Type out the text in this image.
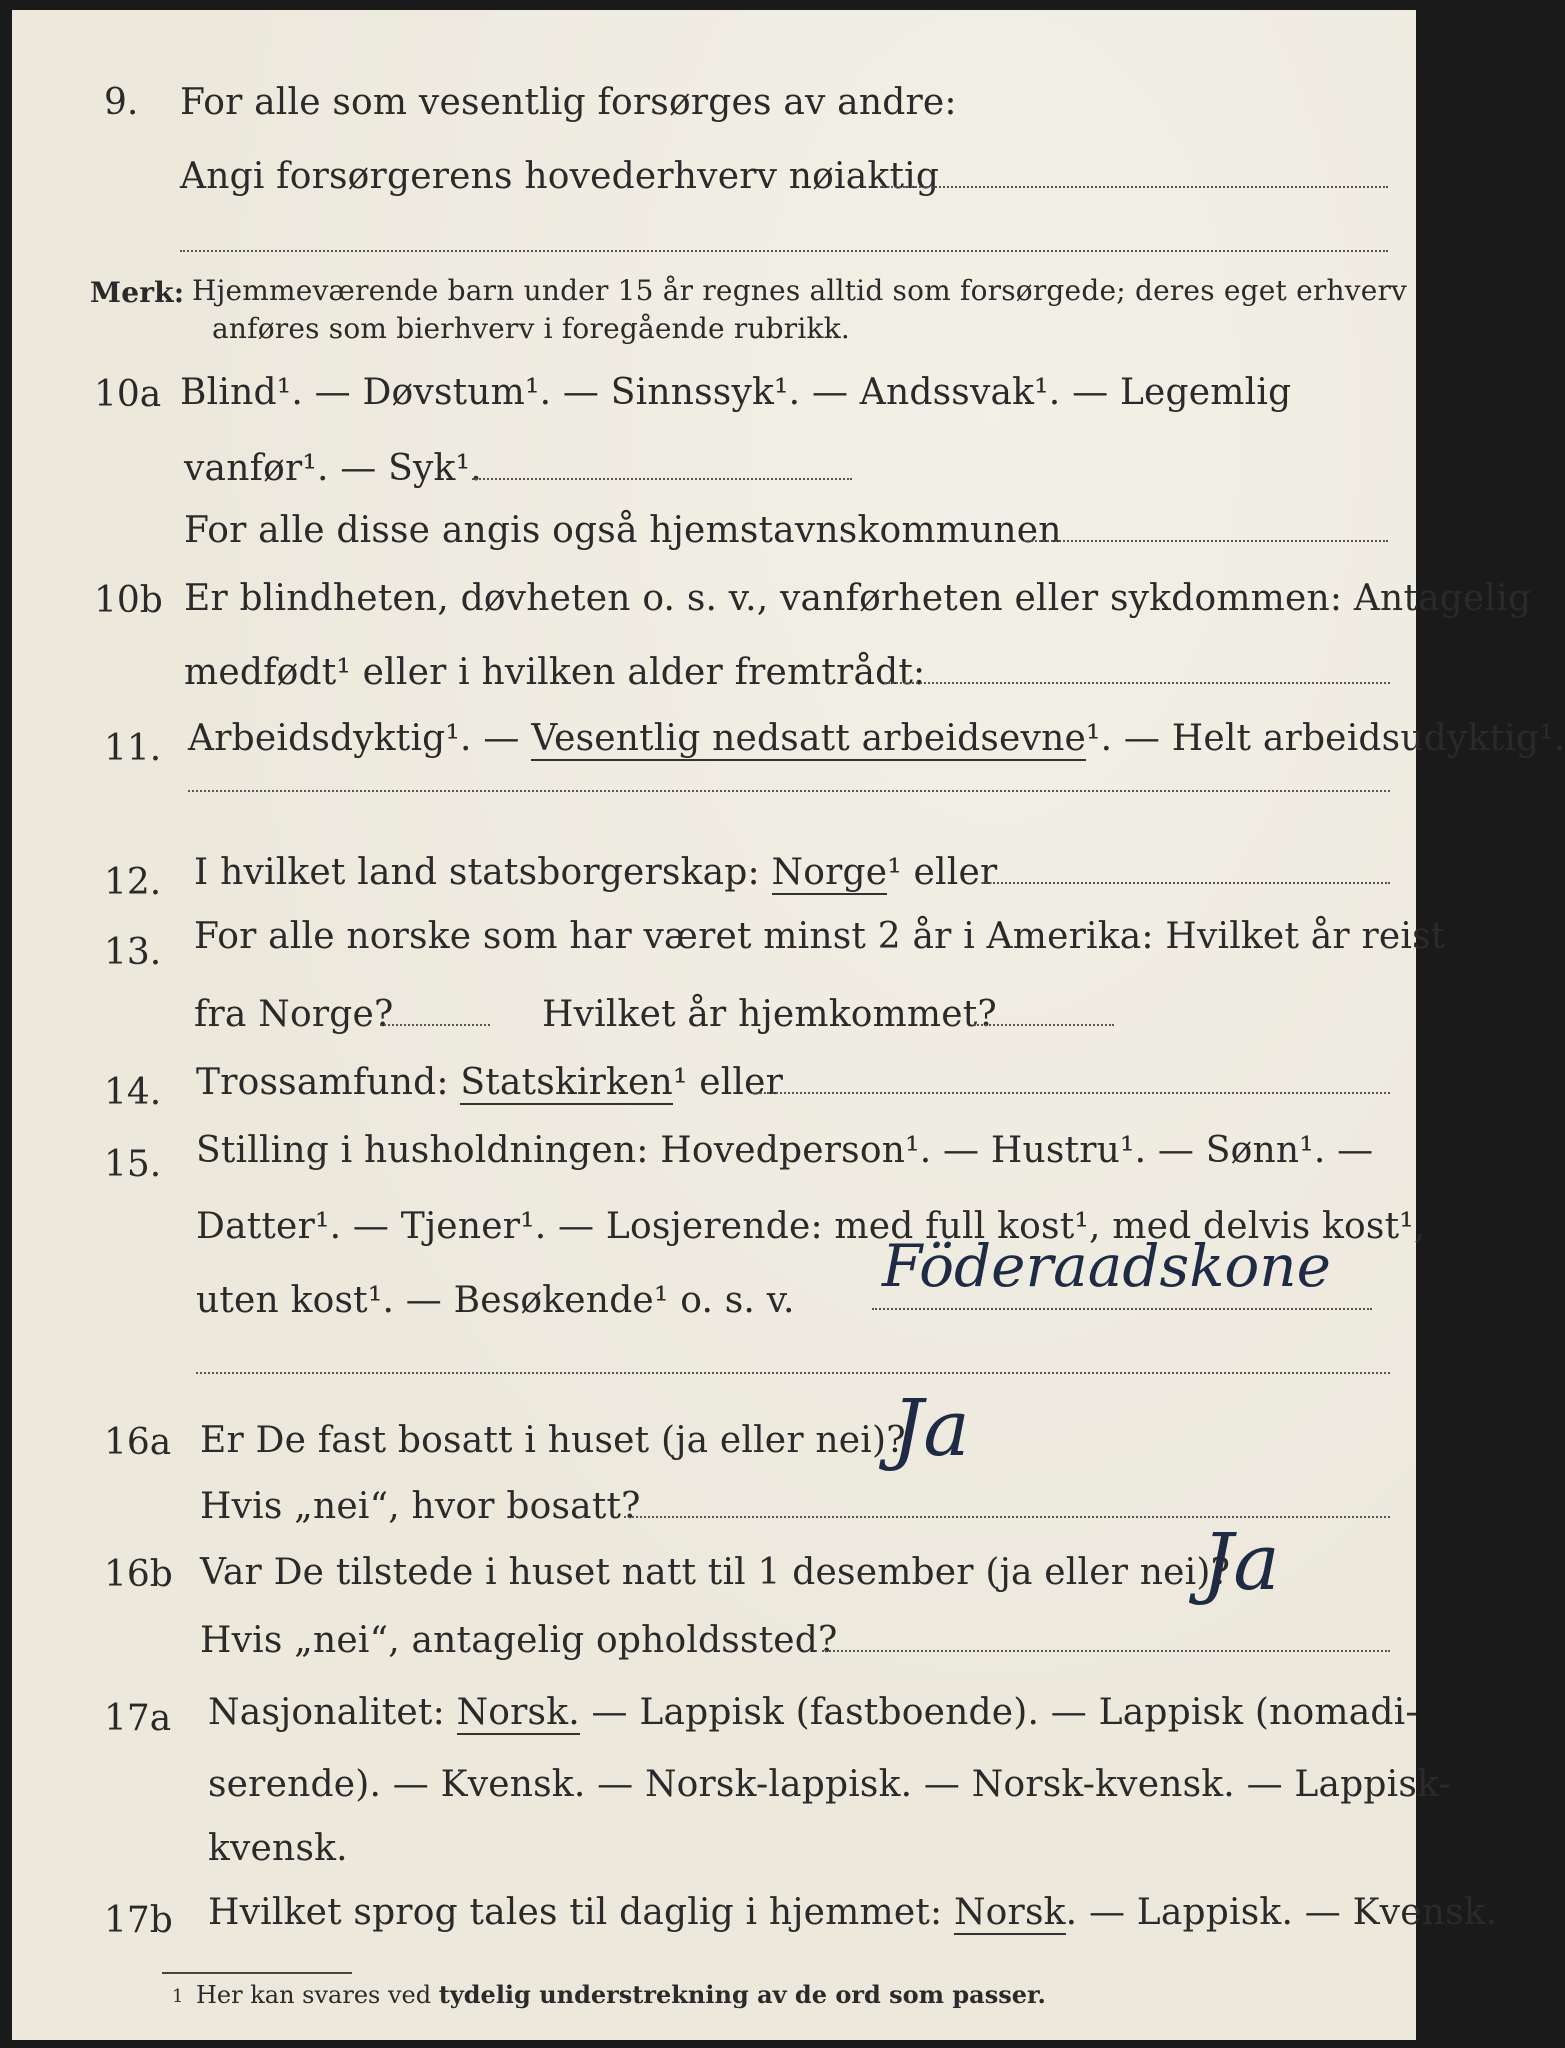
9. For alle som vesentlig forsørges av andre:
Angi forsørgerens hovederhverv nøiaktig
Merk: Hjemmeværende barn under 15 år regnes alltid som forsørgede; deres eget erhverv
anføres som bierhverv i foregående rubrikk.
10a Blind¹. — Døvstum¹. — Sinnssyk¹. — Andssvak¹. — Legemlig
vanfør¹. — Syk¹.
For alle disse angis også hjemstavnskommunen
10b Er blindheten, døvheten o. s. v., vanførheten eller sykdommen: Antagelig
medfødt¹ eller i hvilken alder fremtrådt:
11. Arbeidsdyktig¹. — Vesentlig nedsatt arbeidsevne¹. — Helt arbeidsudyktig¹.
12. I hvilket land statsborgerskap: Norge¹ eller
13. For alle norske som har været minst 2 år i Amerika: Hvilket år reist
fra Norge?	Hvilket år hjemkommet?
14. Trossamfund: Statskirken¹ eller
15. Stilling i husholdningen: Hovedperson¹. — Hustru¹. — Sønn¹. —
Datter¹. — Tjener¹. — Losjerende: med full kost¹, med delvis kost¹,
uten kost¹. — Besøkende¹ o. s. v.
Föderaadskone
16a Er De fast bosatt i huset (ja eller nei)?
Ja
Hvis „nei“, hvor bosatt?
16b Var De tilstede i huset natt til 1 desember (ja eller nei)?
Ja
Hvis „nei“, antagelig opholdssted?
17a Nasjonalitet: Norsk. — Lappisk (fastboende). — Lappisk (nomadi-
serende). — Kvensk. — Norsk-lappisk. — Norsk-kvensk. — Lappisk-
kvensk.
17b Hvilket sprog tales til daglig i hjemmet: Norsk. — Lappisk. — Kvensk.
1 Her kan svares ved tydelig understrekning av de ord som passer.
